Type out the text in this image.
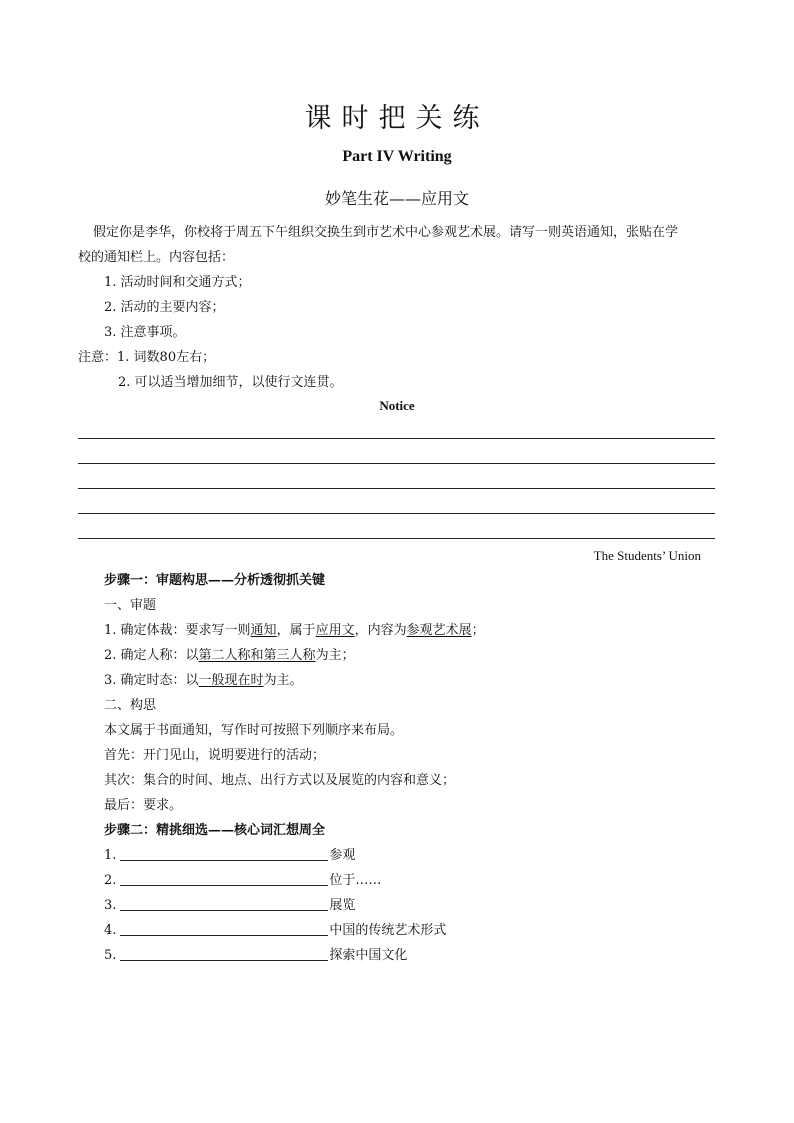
课时把关练
Part IV Writing
妙笔生花——应用文
假定你是李华，你校将于周五下午组织交换生到市艺术中心参观艺术展。请写一则英语通知，张贴在学
校的通知栏上。内容包括：
1. 活动时间和交通方式；
2. 活动的主要内容；
3. 注意事项。
注意：1. 词数80左右；
2. 可以适当增加细节，以使行文连贯。
Notice
The Students’ Union
步骤一：审题构思——分析透彻抓关键
一、审题
1. 确定体裁：要求写一则通知，属于应用文，内容为参观艺术展；
2. 确定人称：以第二人称和第三人称为主；
3. 确定时态：以一般现在时为主。
二、构思
本文属于书面通知，写作时可按照下列顺序来布局。
首先：开门见山，说明要进行的活动；
其次：集合的时间、地点、出行方式以及展览的内容和意义；
最后：要求。
步骤二：精挑细选——核心词汇想周全
1.	参观
2.	位于……
3.	展览
4.	中国的传统艺术形式
5.	探索中国文化
